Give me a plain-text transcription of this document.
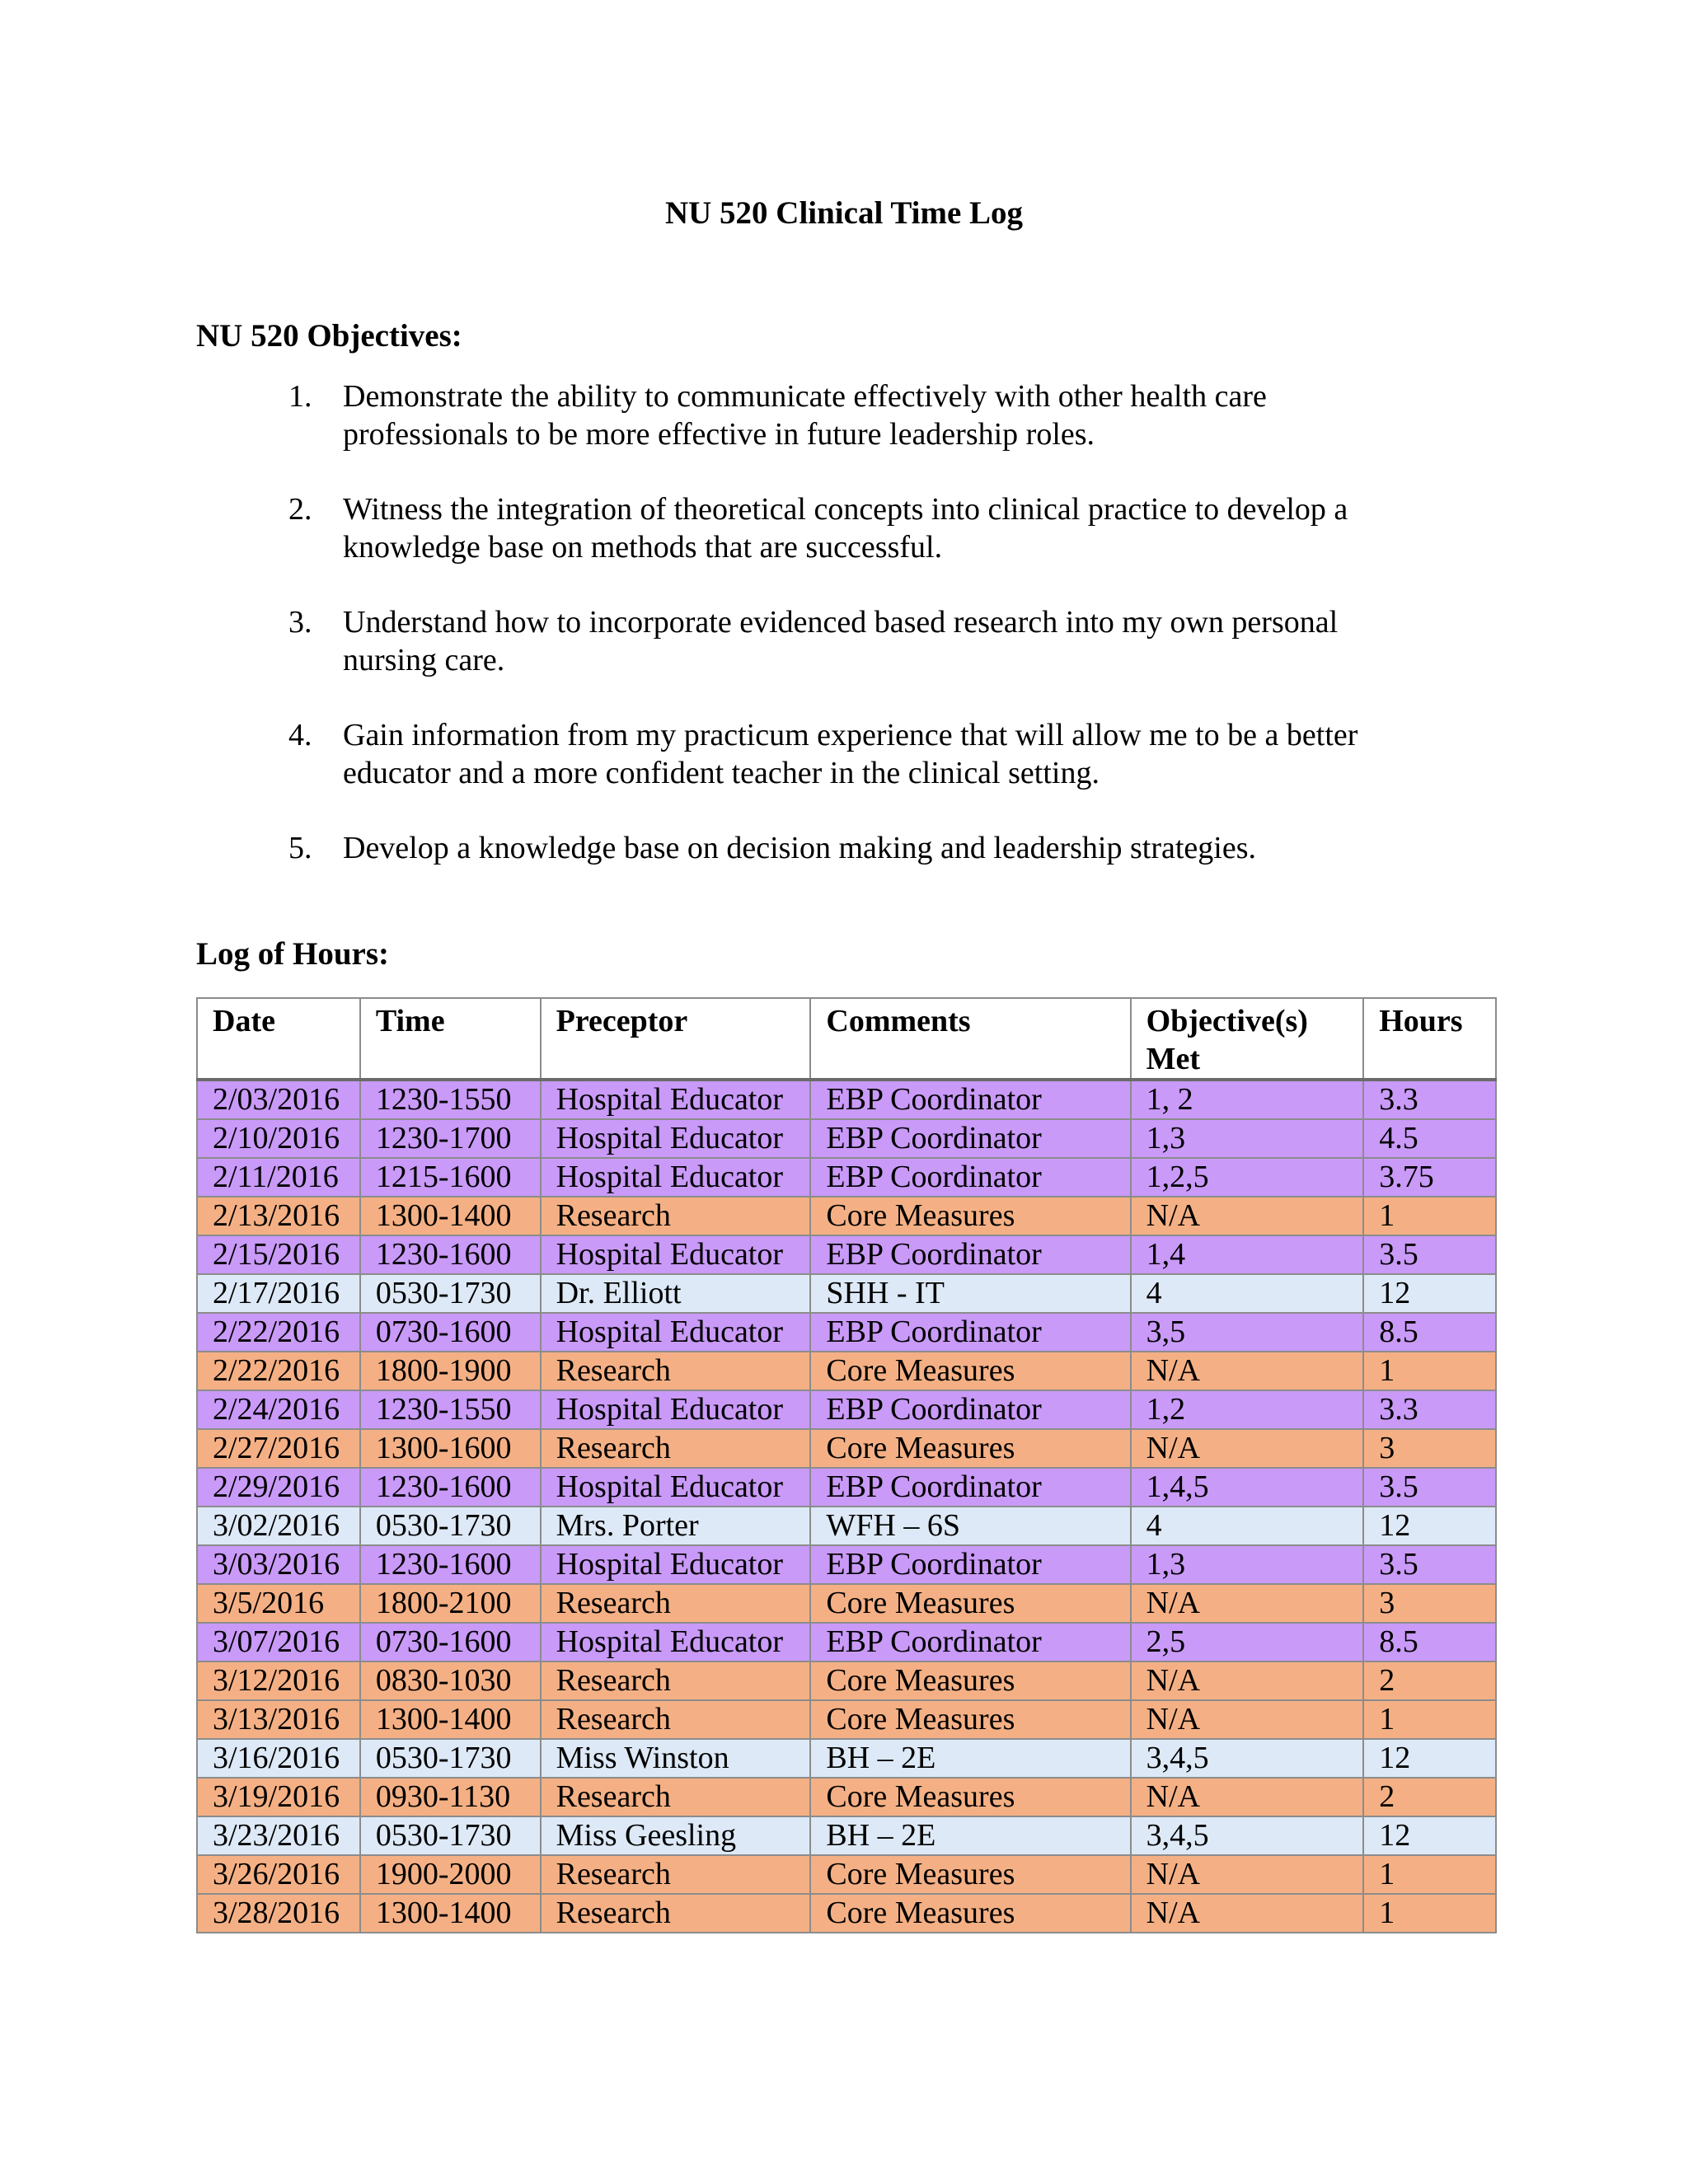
NU 520 Clinical Time Log
NU 520 Objectives:
1. Demonstrate the ability to communicate effectively with other health care professionals to be more effective in future leadership roles.
2. Witness the integration of theoretical concepts into clinical practice to develop a knowledge base on methods that are successful.
3. Understand how to incorporate evidenced based research into my own personal nursing care.
4. Gain information from my practicum experience that will allow me to be a better educator and a more confident teacher in the clinical setting.
5. Develop a knowledge base on decision making and leadership strategies.
Log of Hours:
Date	Time	Preceptor	Comments	Objective(s) Met	Hours
2/03/2016	1230-1550	Hospital Educator	EBP Coordinator	1, 2	3.3
2/10/2016	1230-1700	Hospital Educator	EBP Coordinator	1,3	4.5
2/11/2016	1215-1600	Hospital Educator	EBP Coordinator	1,2,5	3.75
2/13/2016	1300-1400	Research	Core Measures	N/A	1
2/15/2016	1230-1600	Hospital Educator	EBP Coordinator	1,4	3.5
2/17/2016	0530-1730	Dr. Elliott	SHH - IT	4	12
2/22/2016	0730-1600	Hospital Educator	EBP Coordinator	3,5	8.5
2/22/2016	1800-1900	Research	Core Measures	N/A	1
2/24/2016	1230-1550	Hospital Educator	EBP Coordinator	1,2	3.3
2/27/2016	1300-1600	Research	Core Measures	N/A	3
2/29/2016	1230-1600	Hospital Educator	EBP Coordinator	1,4,5	3.5
3/02/2016	0530-1730	Mrs. Porter	WFH – 6S	4	12
3/03/2016	1230-1600	Hospital Educator	EBP Coordinator	1,3	3.5
3/5/2016	1800-2100	Research	Core Measures	N/A	3
3/07/2016	0730-1600	Hospital Educator	EBP Coordinator	2,5	8.5
3/12/2016	0830-1030	Research	Core Measures	N/A	2
3/13/2016	1300-1400	Research	Core Measures	N/A	1
3/16/2016	0530-1730	Miss Winston	BH – 2E	3,4,5	12
3/19/2016	0930-1130	Research	Core Measures	N/A	2
3/23/2016	0530-1730	Miss Geesling	BH – 2E	3,4,5	12
3/26/2016	1900-2000	Research	Core Measures	N/A	1
3/28/2016	1300-1400	Research	Core Measures	N/A	1
